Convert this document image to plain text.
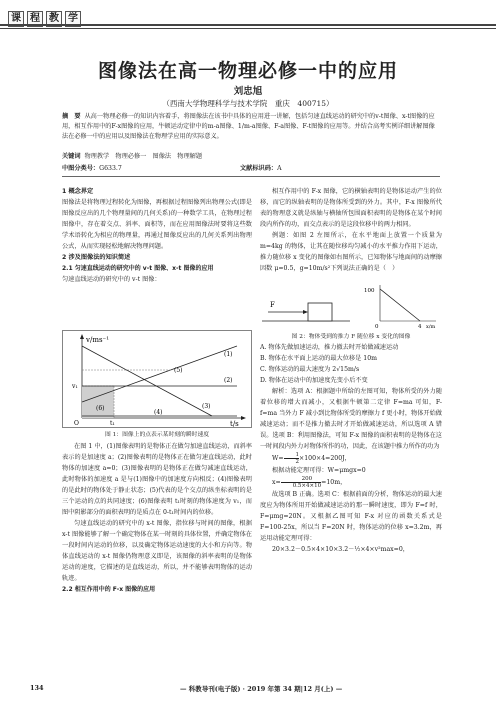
课 程 教 学
图像法在高一物理必修一中的应用
刘忠旭
（西南大学物理科学与技术学院　重庆　400715）
摘　要 从高一物理必修一的知识内容着手，将图像法在该书中具体的应用进一讲解，包括匀速直线运动的研究中的v-t图像、x-t图像的应用，相互作用中的F-x图像的应用，牛顿运动定律中的m-a图像、1/m-a图像、F-a图像、F-t图像的应用等。并结合高考实例详细讲解图像法在必修一中的应用以及图像法在物理学应用的实际意义。
关键词 物理教学　物理必修一　图像法　物理解题
中图分类号：G633.7	文献标识码：A
1 概念界定

图像法是将物理过程转化为图像，再根据过程图像列出物理公式(即是图像反应出的几个物理量间的几何关系)的一种数学工具，在物理过程图像中，存在着交点、斜率、面积等，而在应用图像法时要将这些数学术语转化为相应的物理量，再通过图像反应出的几何关系列出物理公式，从而实现轻松地解决物理问题。

2 涉及图像法的知识简述
2.1 匀速直线运动的研究中的 v-t 图像、x-t 图像的应用

匀速直线运动的研究中的 v-t 图像：

v/ms⁻¹
t/s
O
v₁
t₁
(1)
(2)
(3)
(4)
(5)
(6)
图 1：图像上的点表示某时刻的瞬时速度

在图 1 中，(1)图像表明的是物体正在做匀加速直线运动，而斜率表示的是加速度 a；(2)图像表明的是物体正在做匀速直线运动，此时物体的加速度 a=0；(3)图像表明的是物体正在做匀减速直线运动，此时物体的加速度 a 是与(1)图像中的加速度方向相反；(4)图像表明的是此时的物体处于静止状态；(5)代表的是个交点的纵坐标表明的是三个运动的点的共同速度；(6)图像表明 t₁时刻的物体速度为 v₁，而图中阴影部分的面积表明的是质点在 0-t₁时间内的位移。

匀速直线运动的研究中的 x-t 图像，指位移与时间的图像，根据 x-t 图像能够了解一个确定物体在某一时刻的具体位置，并确定物体在一段时间内运动的位移，以及确定物体运动速度的大小和方向等。物体直线运动的 x-t 图像仍物理意义即是，该图像的斜率表明的是物体运动的速度，它描述的是直线运动，所以，并不能够表明物体的运动轨迹。

2.2 相互作用中的 F-x 图像的应用

相互作用中的 F-x 图像，它的横轴表明的是物体运动产生的位移，而它的纵轴表明的是物体所受到的外力。其中，F-x 图像所代表的物理意义就是纵轴与横轴所包围面积表明的是物体在某个时间段内所作的功，而交点表示的是这段位移中的两力相同。

例题：如图 2 左图所示，在水平地面上放置一个质量为 m=4kg 的物体，让其在随位移均匀减小的水平推力作用下运动，推力随位移 x 变化的图像如右图所示，已知物体与地面间的动摩擦因数 μ=0.5，g=10m/s²下列说法正确的是（　）

F
100
4 x/m
0
图 2：物体受到的推力 F 随位移 x 变化的图像

A. 物体先做加速运动，推力撤去时开始做减速运动

B. 物体在水平面上运动的最大位移是 10m

C. 物体运动的最大速度为 2√15m/s

D. 物体在运动中的加速度先变小后不变

解析：选项 A：根据题中所给的左图可知，物体所受的外力随着位移的增大而减小，又根据牛顿第二定律 F=ma 可知，F-f=ma 当外力 F 减小到比物体所受的摩擦力 f 更小时，物体开始做减速运动；而不是推力撤去时才开始做减速运动，所以选项 A 错误。选项 B：利用图像法，可知 F-x 图像的面积表明的是物体在这一时间段内外力对物体所作的功，因此，在该题中推力所作的功为

$W= \frac{1}{2} \times 100\times 4=200J$，

根据动能定理可得：W=μmgx=0

$x= \frac{200}{0.5\times 4\times 10} =10m$，

故选项 B 正确。选项 C：根据前面的分析，物体运动的最大速度应为物体所用开始做减速运动的那一瞬时速度，即为 F=f 时，F=μmg=20N。又根据乙图可知 F-x 对应的函数关系式是 F=100-25x，所以当 F=20N 时，物体运动的位移 x=3.2m，再运用动能定理可得：

20×3.2－0.5×4×10×3.2－½×4×v²max=0，

134	— 科教导刊(电子版) · 2019 年第 34 期|12 月(上) —
